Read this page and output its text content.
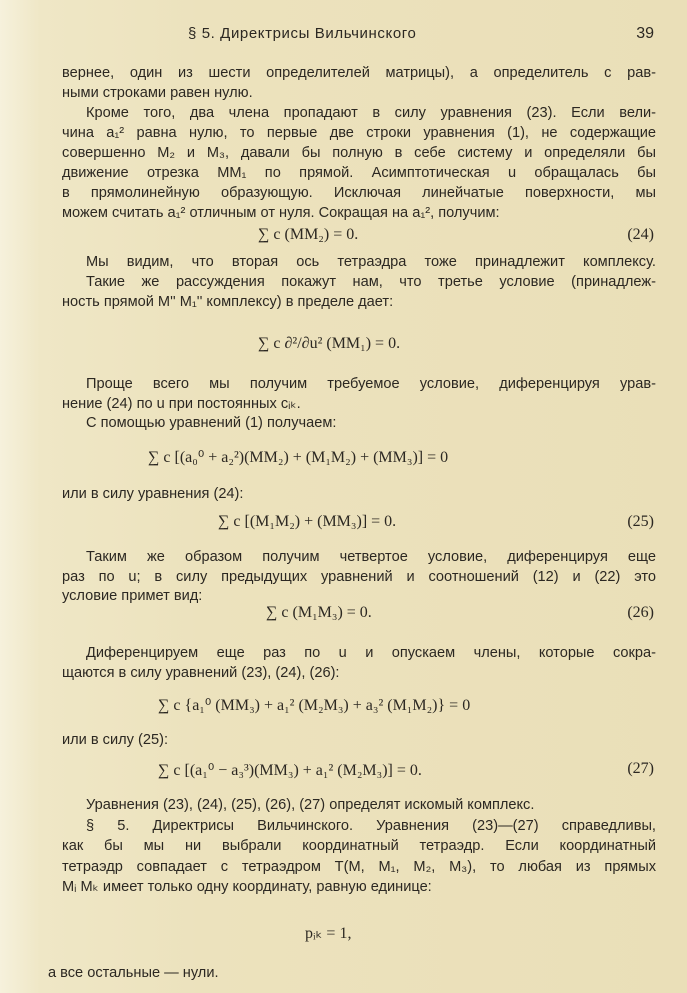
§ 5. Директрисы Вильчинского	39
вернее, один из шести определителей матрицы), а определитель с рав-
ными строками равен нулю.
Кроме того, два члена пропадают в силу уравнения (23). Если вели-
чина a₁² равна нулю, то первые две строки уравнения (1), не содержащие
совершенно M₂ и M₃, давали бы полную в себе систему и определяли бы
движение отрезка MM₁ по прямой. Асимптотическая u обращалась бы
в прямолинейную образующую. Исключая линейчатые поверхности, мы
можем считать a₁² отличным от нуля. Сокращая на a₁², получим:
∑ c (MM₂) = 0.	(24)
Мы видим, что вторая ось тетраэдра тоже принадлежит комплексу.
Такие же рассуждения покажут нам, что третье условие (принадлеж-
ность прямой M'' M₁'' комплексу) в пределе дает:
∑ c ∂²/∂u² (MM₁) = 0.
Проще всего мы получим требуемое условие, диференцируя урав-
нение (24) по u при постоянных cᵢₖ.
С помощью уравнений (1) получаем:
∑ c [(a₀⁰ + a₂²)(MM₂) + (M₁M₂) + (MM₃)] = 0
или в силу уравнения (24):
∑ c [(M₁M₂) + (MM₃)] = 0.	(25)
Таким же образом получим четвертое условие, диференцируя еще
раз по u; в силу предыдущих уравнений и соотношений (12) и (22) это
условие примет вид:
∑ c (M₁M₃) = 0.	(26)
Диференцируем еще раз по u и опускаем члены, которые сокра-
щаются в силу уравнений (23), (24), (26):
∑ c {a₁⁰ (MM₃) + a₁² (M₂M₃) + a₃² (M₁M₂)} = 0
или в силу (25):
∑ c [(a₁⁰ − a₃³)(MM₃) + a₁² (M₂M₃)] = 0.	(27)
Уравнения (23), (24), (25), (26), (27) определят искомый комплекс.
§ 5. Директрисы Вильчинского. Уравнения (23)—(27) справедливы,
как бы мы ни выбрали координатный тетраэдр. Если координатный
тетраэдр совпадает с тетраэдром T(M, M₁, M₂, M₃), то любая из прямых
Mᵢ Mₖ имеет только одну координату, равную единице:
pᵢₖ = 1,
а все остальные — нули.
